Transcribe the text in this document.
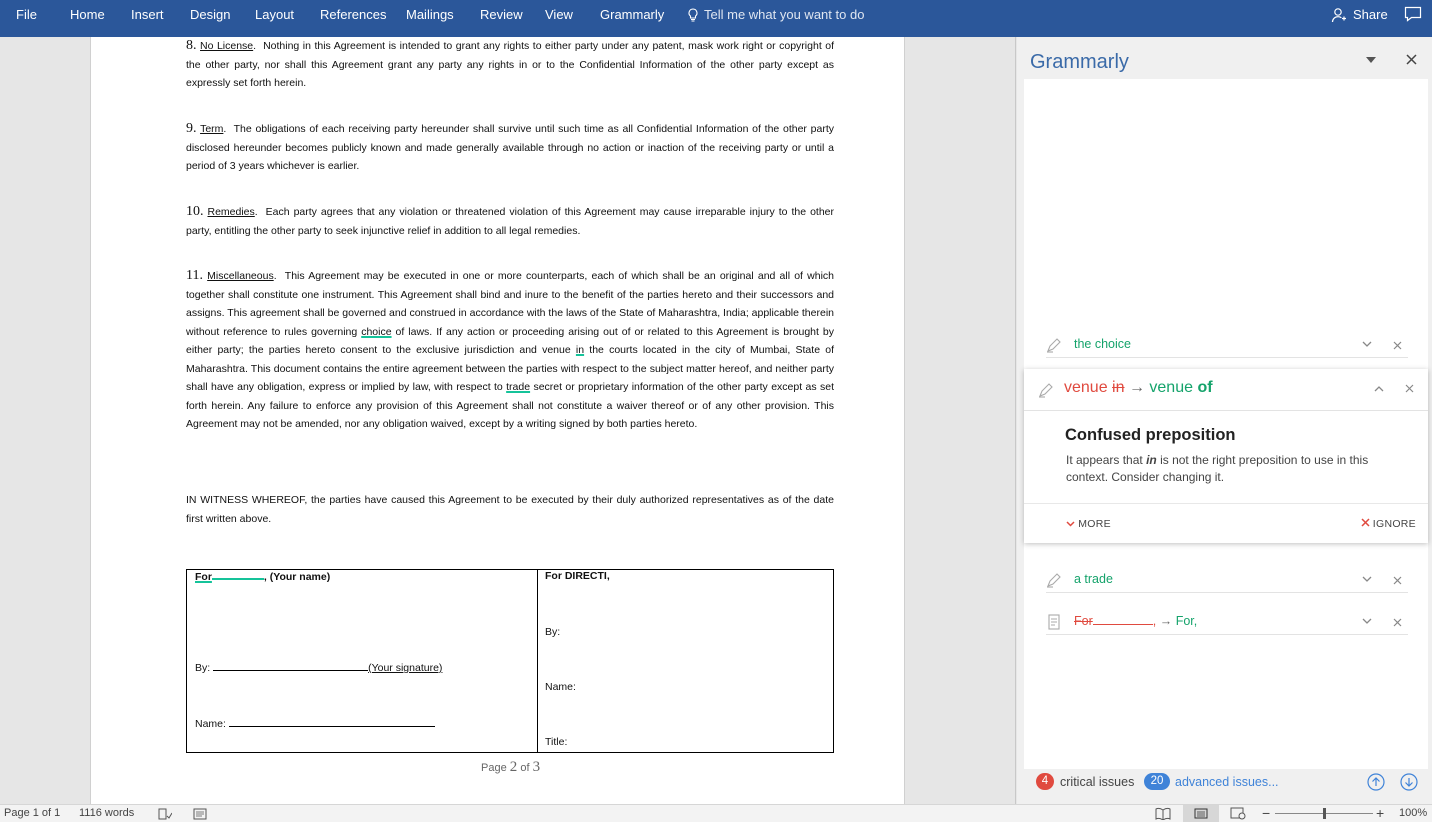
File	Home Insert Design Layout References Mailings Review View Grammarly	Tell me what you want to do	Share
8. No License.  Nothing in this Agreement is intended to grant any rights to either party under any patent, mask work right or copyright of the other party, nor shall this Agreement grant any party any rights in or to the Confidential Information of the other party except as expressly set forth herein.
9. Term.  The obligations of each receiving party hereunder shall survive until such time as all Confidential Information of the other party disclosed hereunder becomes publicly known and made generally available through no action or inaction of the receiving party or until a period of 3 years whichever is earlier.
10. Remedies.  Each party agrees that any violation or threatened violation of this Agreement may cause irreparable injury to the other party, entitling the other party to seek injunctive relief in addition to all legal remedies.
11. Miscellaneous.  This Agreement may be executed in one or more counterparts, each of which shall be an original and all of which together shall constitute one instrument. This Agreement shall bind and inure to the benefit of the parties hereto and their successors and assigns. This agreement shall be governed and construed in accordance with the laws of the State of Maharashtra, India; applicable therein without reference to rules governing choice of laws. If any action or proceeding arising out of or related to this Agreement is brought by either party; the parties hereto consent to the exclusive jurisdiction and venue in the courts located in the city of Mumbai, State of Maharashtra. This document contains the entire agreement between the parties with respect to the subject matter hereof, and neither party shall have any obligation, express or implied by law, with respect to trade secret or proprietary information of the other party except as set forth herein. Any failure to enforce any provision of this Agreement shall not constitute a waiver thereof or of any other provision. This Agreement may not be amended, nor any obligation waived, except by a writing signed by both parties hereto.
IN WITNESS WHEREOF, the parties have caused this Agreement to be executed by their duly authorized representatives as of the date first written above.
For	, (Your name)
By:	(Your signature)
Name:
For DIRECTI,
By:
Name:
Title:
Page 2 of 3
Grammarly
the choice
venue in → venue of
Confused preposition
It appears that in is not the right preposition to use in this context. Consider changing it.
MORE	IGNORE
a trade
For	, → For,
4 critical issues	20 advanced issues...
Page 1 of 1 1116 words	−	+ 100%
